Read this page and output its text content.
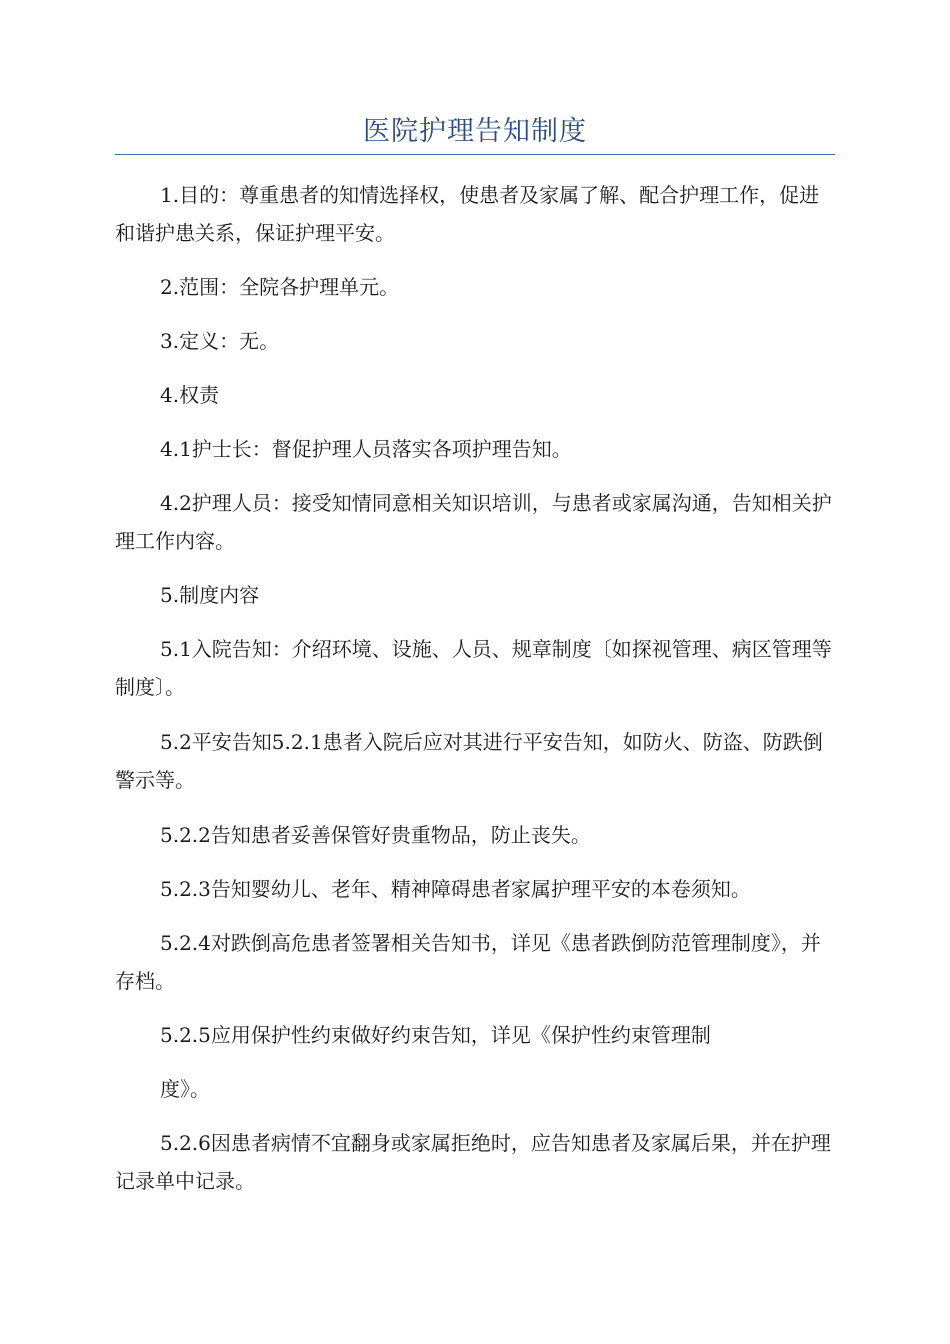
医院护理告知制度

1.目的：尊重患者的知情选择权，使患者及家属了解、配合护理工作，促进和谐护患关系，保证护理平安。

2.范围：全院各护理单元。

3.定义：无。

4.权责

4.1护士长：督促护理人员落实各项护理告知。

4.2护理人员：接受知情同意相关知识培训，与患者或家属沟通，告知相关护理工作内容。

5.制度内容

5.1入院告知：介绍环境、设施、人员、规章制度〔如探视管理、病区管理等制度〕。

5.2平安告知5.2.1患者入院后应对其进行平安告知，如防火、防盗、防跌倒警示等。

5.2.2告知患者妥善保管好贵重物品，防止丧失。

5.2.3告知婴幼儿、老年、精神障碍患者家属护理平安的本卷须知。

5.2.4对跌倒高危患者签署相关告知书，详见《患者跌倒防范管理制度》，并存档。

5.2.5应用保护性约束做好约束告知，详见《保护性约束管理制

度》。

5.2.6因患者病情不宜翻身或家属拒绝时，应告知患者及家属后果，并在护理记录单中记录。
